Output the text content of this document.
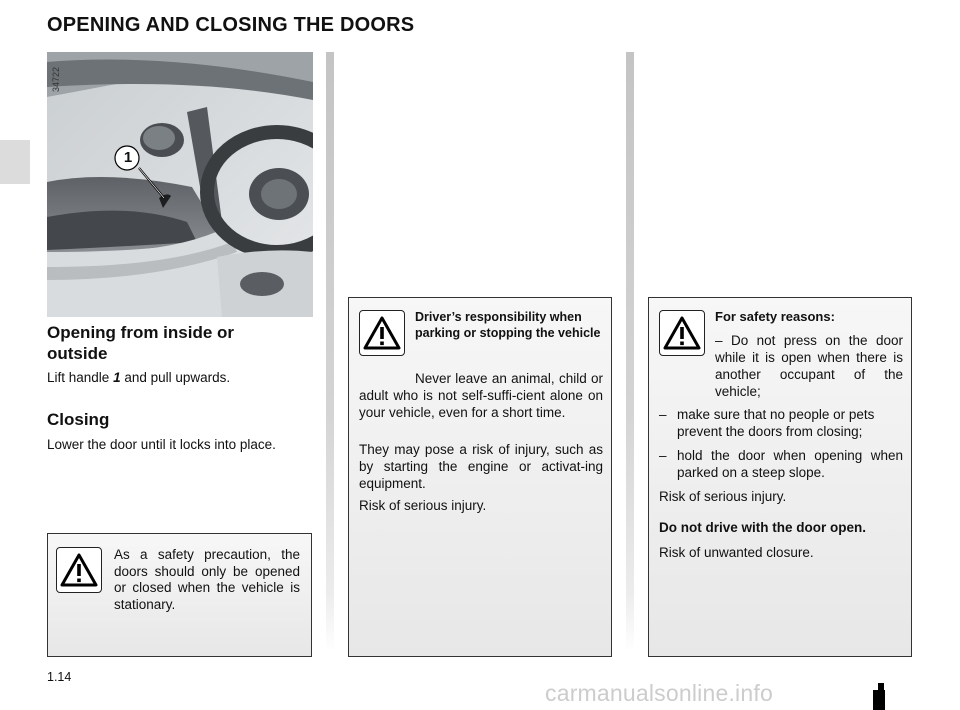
OPENING AND CLOSING THE DOORS
34722
1
Opening from inside or outside
Lift handle 1 and pull upwards.
Closing
Lower the door until it locks into place.
As a safety precaution, the doors should only be opened or closed when the vehicle is stationary.
Driver’s responsibility when parking or stopping the vehicle
Never leave an animal, child or adult who is not self-suffi-cient alone on your vehicle, even for a short time.
They may pose a risk of injury, such as by starting the engine or activat-ing equipment.
Risk of serious injury.
For safety reasons:
– Do not press on the door while it is open when there is another occupant of the vehicle;
– make sure that no people or pets prevent the doors from closing;
– hold the door when opening when parked on a steep slope.
Risk of serious injury.
Do not drive with the door open.
Risk of unwanted closure.
1.14
carmanualsonline.info
